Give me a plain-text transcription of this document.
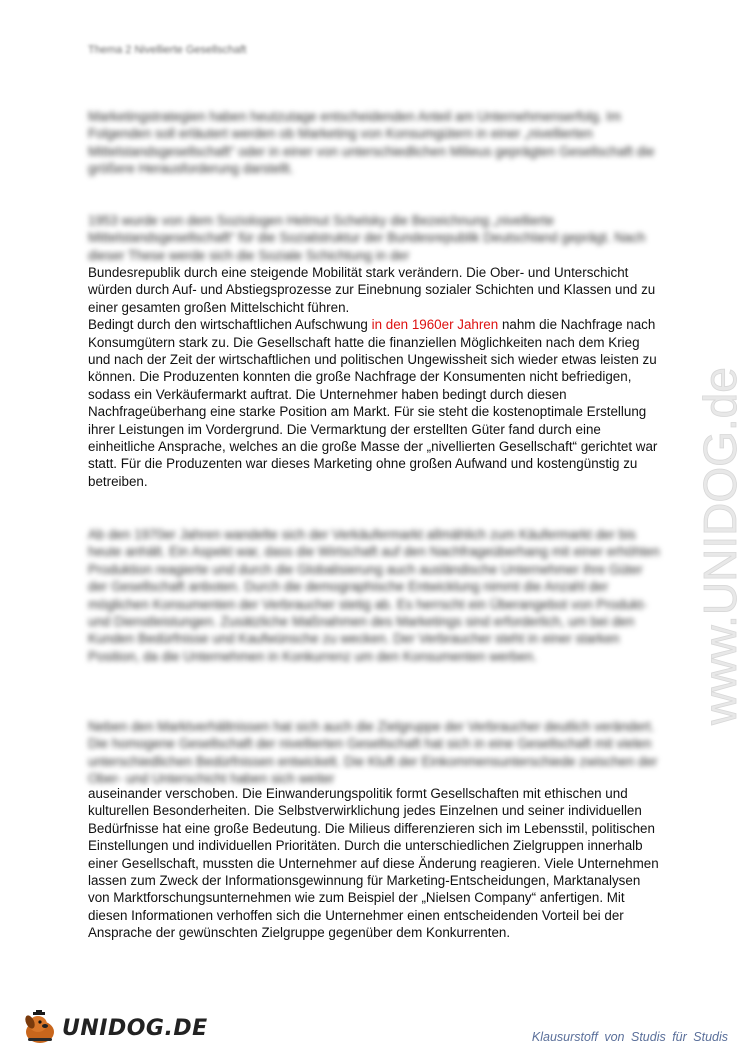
Thema 2 Nivellierte Gesellschaft

Marketingstrategien haben heutzutage entscheidenden Anteil am Unternehmenserfolg. Im Folgenden soll erläutert werden ob Marketing von Konsumgütern in einer „nivellierten Mittelstandsgesellschaft“ oder in einer von unterschiedlichen Milieus geprägten Gesellschaft die größere Herausforderung darstellt.

1953 wurde von dem Soziologen Helmut Schelsky die Bezeichnung „nivellierte Mittelstandsgesellschaft“ für die Sozialstruktur der Bundesrepublik Deutschland geprägt. Nach dieser These werde sich die Soziale Schichtung in der

Bundesrepublik durch eine steigende Mobilität stark verändern. Die Ober- und Unterschicht würden durch Auf- und Abstiegsprozesse zur Einebnung sozialer Schichten und Klassen und zu einer gesamten großen Mittelschicht führen.
Bedingt durch den wirtschaftlichen Aufschwung in den 1960er Jahren nahm die Nachfrage nach Konsumgütern stark zu. Die Gesellschaft hatte die finanziellen Möglichkeiten nach dem Krieg und nach der Zeit der wirtschaftlichen und politischen Ungewissheit sich wieder etwas leisten zu können. Die Produzenten konnten die große Nachfrage der Konsumenten nicht befriedigen, sodass ein Verkäufermarkt auftrat. Die Unternehmer haben bedingt durch diesen Nachfrageüberhang eine starke Position am Markt. Für sie steht die kostenoptimale Erstellung ihrer Leistungen im Vordergrund. Die Vermarktung der erstellten Güter fand durch eine einheitliche Ansprache, welches an die große Masse der „nivellierten Gesellschaft“ gerichtet war statt. Für die Produzenten war dieses Marketing ohne großen Aufwand und kostengünstig zu betreiben.

Ab den 1970er Jahren wandelte sich der Verkäufermarkt allmählich zum Käufermarkt der bis heute anhält. Ein Aspekt war, dass die Wirtschaft auf den Nachfrageüberhang mit einer erhöhten Produktion reagierte und durch die Globalisierung auch ausländische Unternehmer ihre Güter der Gesellschaft anboten. Durch die demographische Entwicklung nimmt die Anzahl der möglichen Konsumenten der Verbraucher stetig ab. Es herrscht ein Überangebot von Produkt- und Dienstleistungen. Zusätzliche Maßnahmen des Marketings sind erforderlich, um bei den Kunden Bedürfnisse und Kaufwünsche zu wecken. Der Verbraucher steht in einer starken Position, da die Unternehmen in Konkurrenz um den Konsumenten werben.

Neben den Marktverhältnissen hat sich auch die Zielgruppe der Verbraucher deutlich verändert. Die homogene Gesellschaft der nivellierten Gesellschaft hat sich in eine Gesellschaft mit vielen unterschiedlichen Bedürfnissen entwickelt. Die Kluft der Einkommensunterschiede zwischen der Ober- und Unterschicht haben sich weiter

auseinander verschoben. Die Einwanderungspolitik formt Gesellschaften mit ethischen und kulturellen Besonderheiten. Die Selbstverwirklichung jedes Einzelnen und seiner individuellen Bedürfnisse hat eine große Bedeutung. Die Milieus differenzieren sich im Lebensstil, politischen Einstellungen und individuellen Prioritäten. Durch die unterschiedlichen Zielgruppen innerhalb einer Gesellschaft, mussten die Unternehmer auf diese Änderung reagieren. Viele Unternehmen lassen zum Zweck der Informationsgewinnung für Marketing-Entscheidungen, Marktanalysen von Marktforschungsunternehmen wie zum Beispiel der „Nielsen Company“ anfertigen. Mit diesen Informationen verhoffen sich die Unternehmer einen entscheidenden Vorteil bei der Ansprache der gewünschten Zielgruppe gegenüber dem Konkurrenten.

www.UNIDOG.de
UNIDOG.DE	Klausurstoff von Studis für Studis
